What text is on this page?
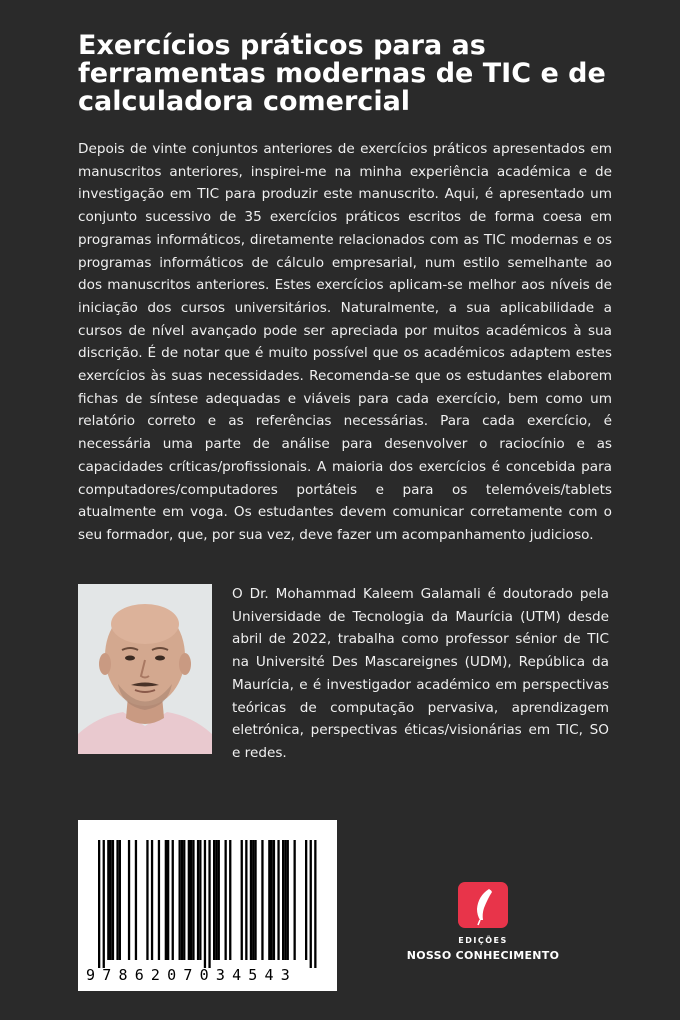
Exercícios práticos para as ferramentas modernas de TIC e de calculadora comercial

Depois de vinte conjuntos anteriores de exercícios práticos apresentados em manuscritos anteriores, inspirei-me na minha experiência académica e de investigação em TIC para produzir este manuscrito. Aqui, é apresentado um conjunto sucessivo de 35 exercícios práticos escritos de forma coesa em programas informáticos, diretamente relacionados com as TIC modernas e os programas informáticos de cálculo empresarial, num estilo semelhante ao dos manuscritos anteriores. Estes exercícios aplicam-se melhor aos níveis de iniciação dos cursos universitários. Naturalmente, a sua aplicabilidade a cursos de nível avançado pode ser apreciada por muitos académicos à sua discrição. É de notar que é muito possível que os académicos adaptem estes exercícios às suas necessidades. Recomenda-se que os estudantes elaborem fichas de síntese adequadas e viáveis para cada exercício, bem como um relatório correto e as referências necessárias. Para cada exercício, é necessária uma parte de análise para desenvolver o raciocínio e as capacidades críticas/profissionais. A maioria dos exercícios é concebida para computadores/computadores portáteis e para os telemóveis/tablets atualmente em voga. Os estudantes devem comunicar corretamente com o seu formador, que, por sua vez, deve fazer um acompanhamento judicioso.

O Dr. Mohammad Kaleem Galamali é doutorado pela Universidade de Tecnologia da Maurícia (UTM) desde abril de 2022, trabalha como professor sénior de TIC na Université Des Mascareignes (UDM), República da Maurícia, e é investigador académico em perspectivas teóricas de computação pervasiva, aprendizagem eletrónica, perspectivas éticas/visionárias em TIC, SO e redes.

9786207034543
EDIÇÕES
NOSSO CONHECIMENTO
